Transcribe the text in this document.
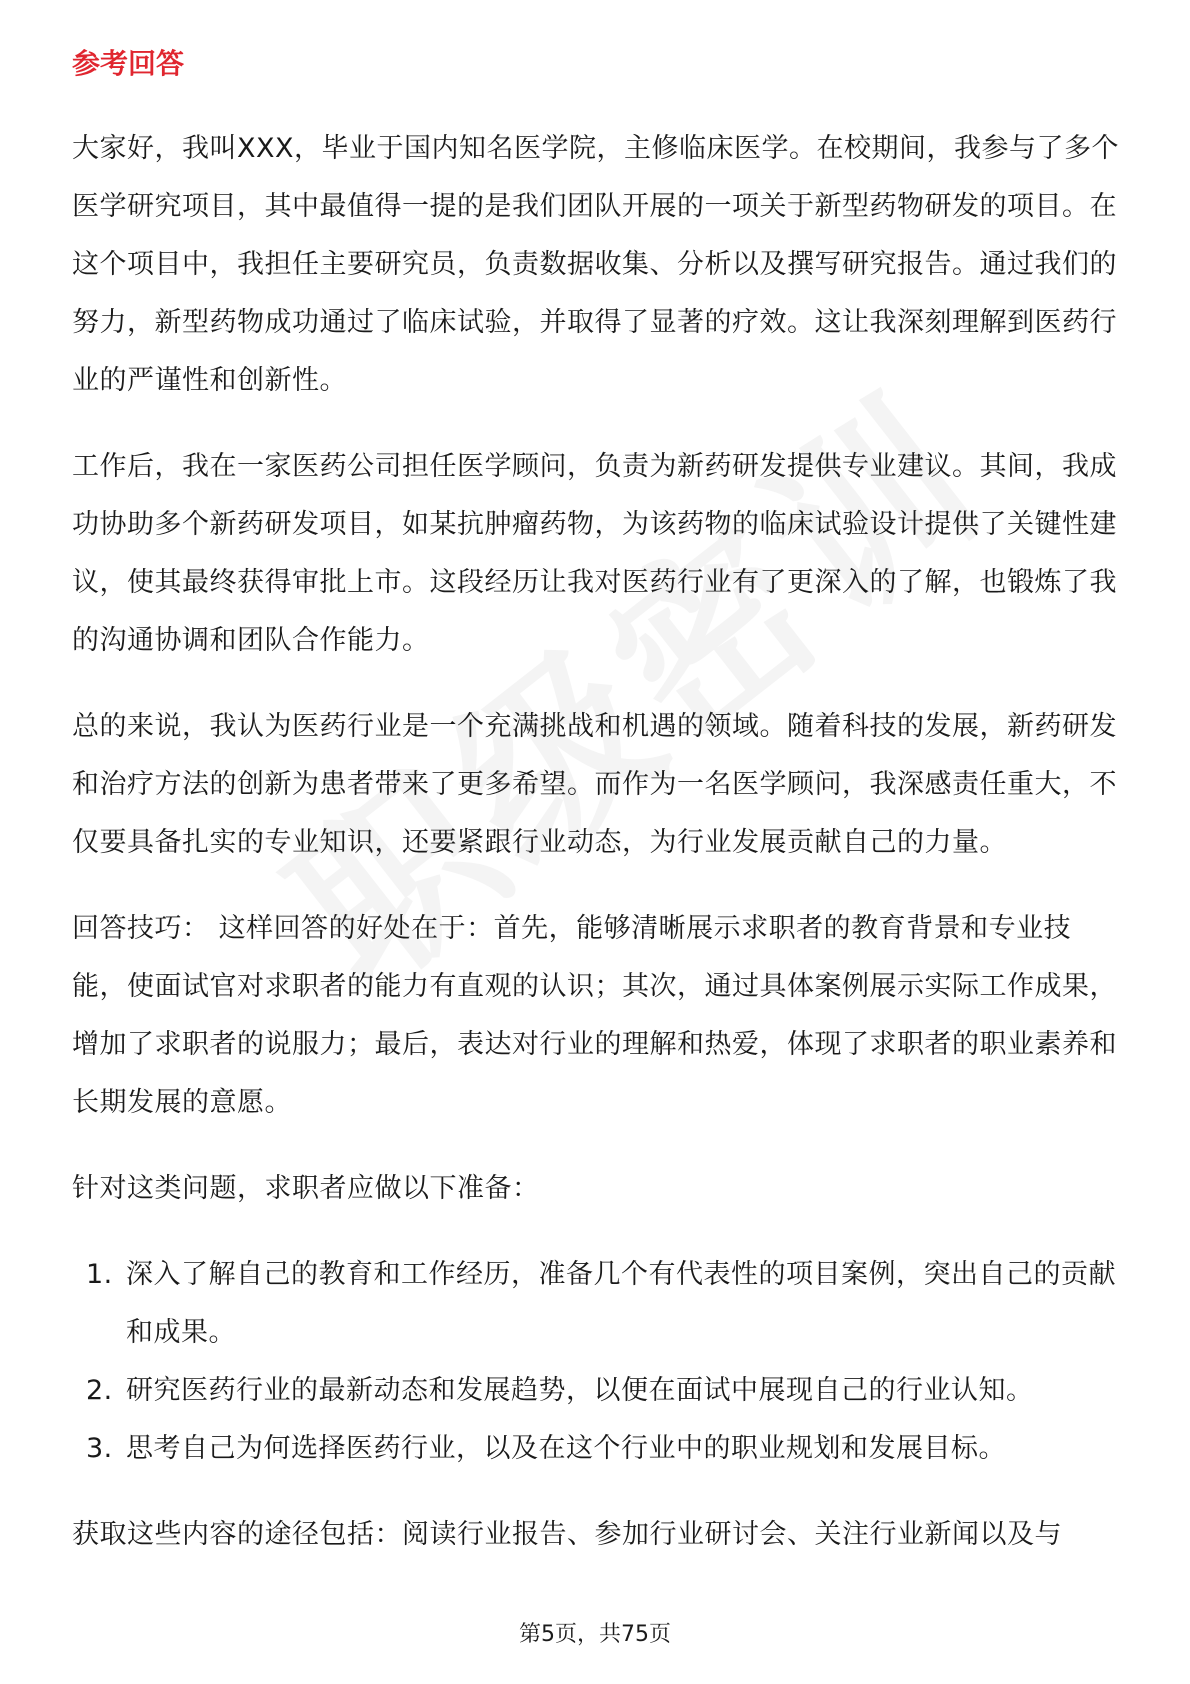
参考回答

大家好，我叫XXX，毕业于国内知名医学院，主修临床医学。在校期间，我参与了多个医学研究项目，其中最值得一提的是我们团队开展的一项关于新型药物研发的项目。在这个项目中，我担任主要研究员，负责数据收集、分析以及撰写研究报告。通过我们的努力，新型药物成功通过了临床试验，并取得了显著的疗效。这让我深刻理解到医药行业的严谨性和创新性。

工作后，我在一家医药公司担任医学顾问，负责为新药研发提供专业建议。其间，我成功协助多个新药研发项目，如某抗肿瘤药物，为该药物的临床试验设计提供了关键性建议，使其最终获得审批上市。这段经历让我对医药行业有了更深入的了解，也锻炼了我的沟通协调和团队合作能力。

总的来说，我认为医药行业是一个充满挑战和机遇的领域。随着科技的发展，新药研发和治疗方法的创新为患者带来了更多希望。而作为一名医学顾问，我深感责任重大，不仅要具备扎实的专业知识，还要紧跟行业动态，为行业发展贡献自己的力量。

回答技巧： 这样回答的好处在于：首先，能够清晰展示求职者的教育背景和专业技能，使面试官对求职者的能力有直观的认识；其次，通过具体案例展示实际工作成果，增加了求职者的说服力；最后，表达对行业的理解和热爱，体现了求职者的职业素养和长期发展的意愿。

针对这类问题，求职者应做以下准备：

1. 深入了解自己的教育和工作经历，准备几个有代表性的项目案例，突出自己的贡献和成果。
2. 研究医药行业的最新动态和发展趋势，以便在面试中展现自己的行业认知。
3. 思考自己为何选择医药行业，以及在这个行业中的职业规划和发展目标。

获取这些内容的途径包括：阅读行业报告、参加行业研讨会、关注行业新闻以及与

第5页，共75页
